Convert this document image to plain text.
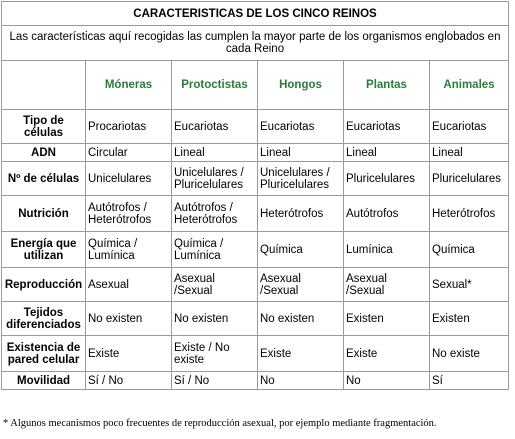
CARACTERISTICAS DE LOS CINCO REINOS					
Las características aquí recogidas las cumplen la mayor parte de los organismos englobados en cada Reino					
	Móneras	Protoctistas	Hongos	Plantas	Animales
Tipo de células	Procariotas	Eucariotas	Eucariotas	Eucariotas	Eucariotas
ADN	Circular	Lineal	Lineal	Lineal	Lineal
Nº de células	Unicelulares	Unicelulares / Pluricelulares	Unicelulares / Pluricelulares	Pluricelulares	Pluricelulares
Nutrición	Autótrofos / Heterótrofos	Autótrofos / Heterótrofos	Heterótrofos	Autótrofos	Heterótrofos
Energía que utilizan	Química / Lumínica	Química / Lumínica	Química	Lumínica	Química
Reproducción	Asexual	Asexual /Sexual	Asexual /Sexual	Asexual /Sexual	Sexual*
Tejidos diferenciados	No existen	No existen	No existen	Existen	Existen
Existencia de pared celular	Existe	Existe / No existe	Existe	Existe	No existe
Movilidad	Sí / No	Sí / No	No	No	Sí
* Algunos mecanismos poco frecuentes de reproducción asexual, por ejemplo mediante fragmentación.
